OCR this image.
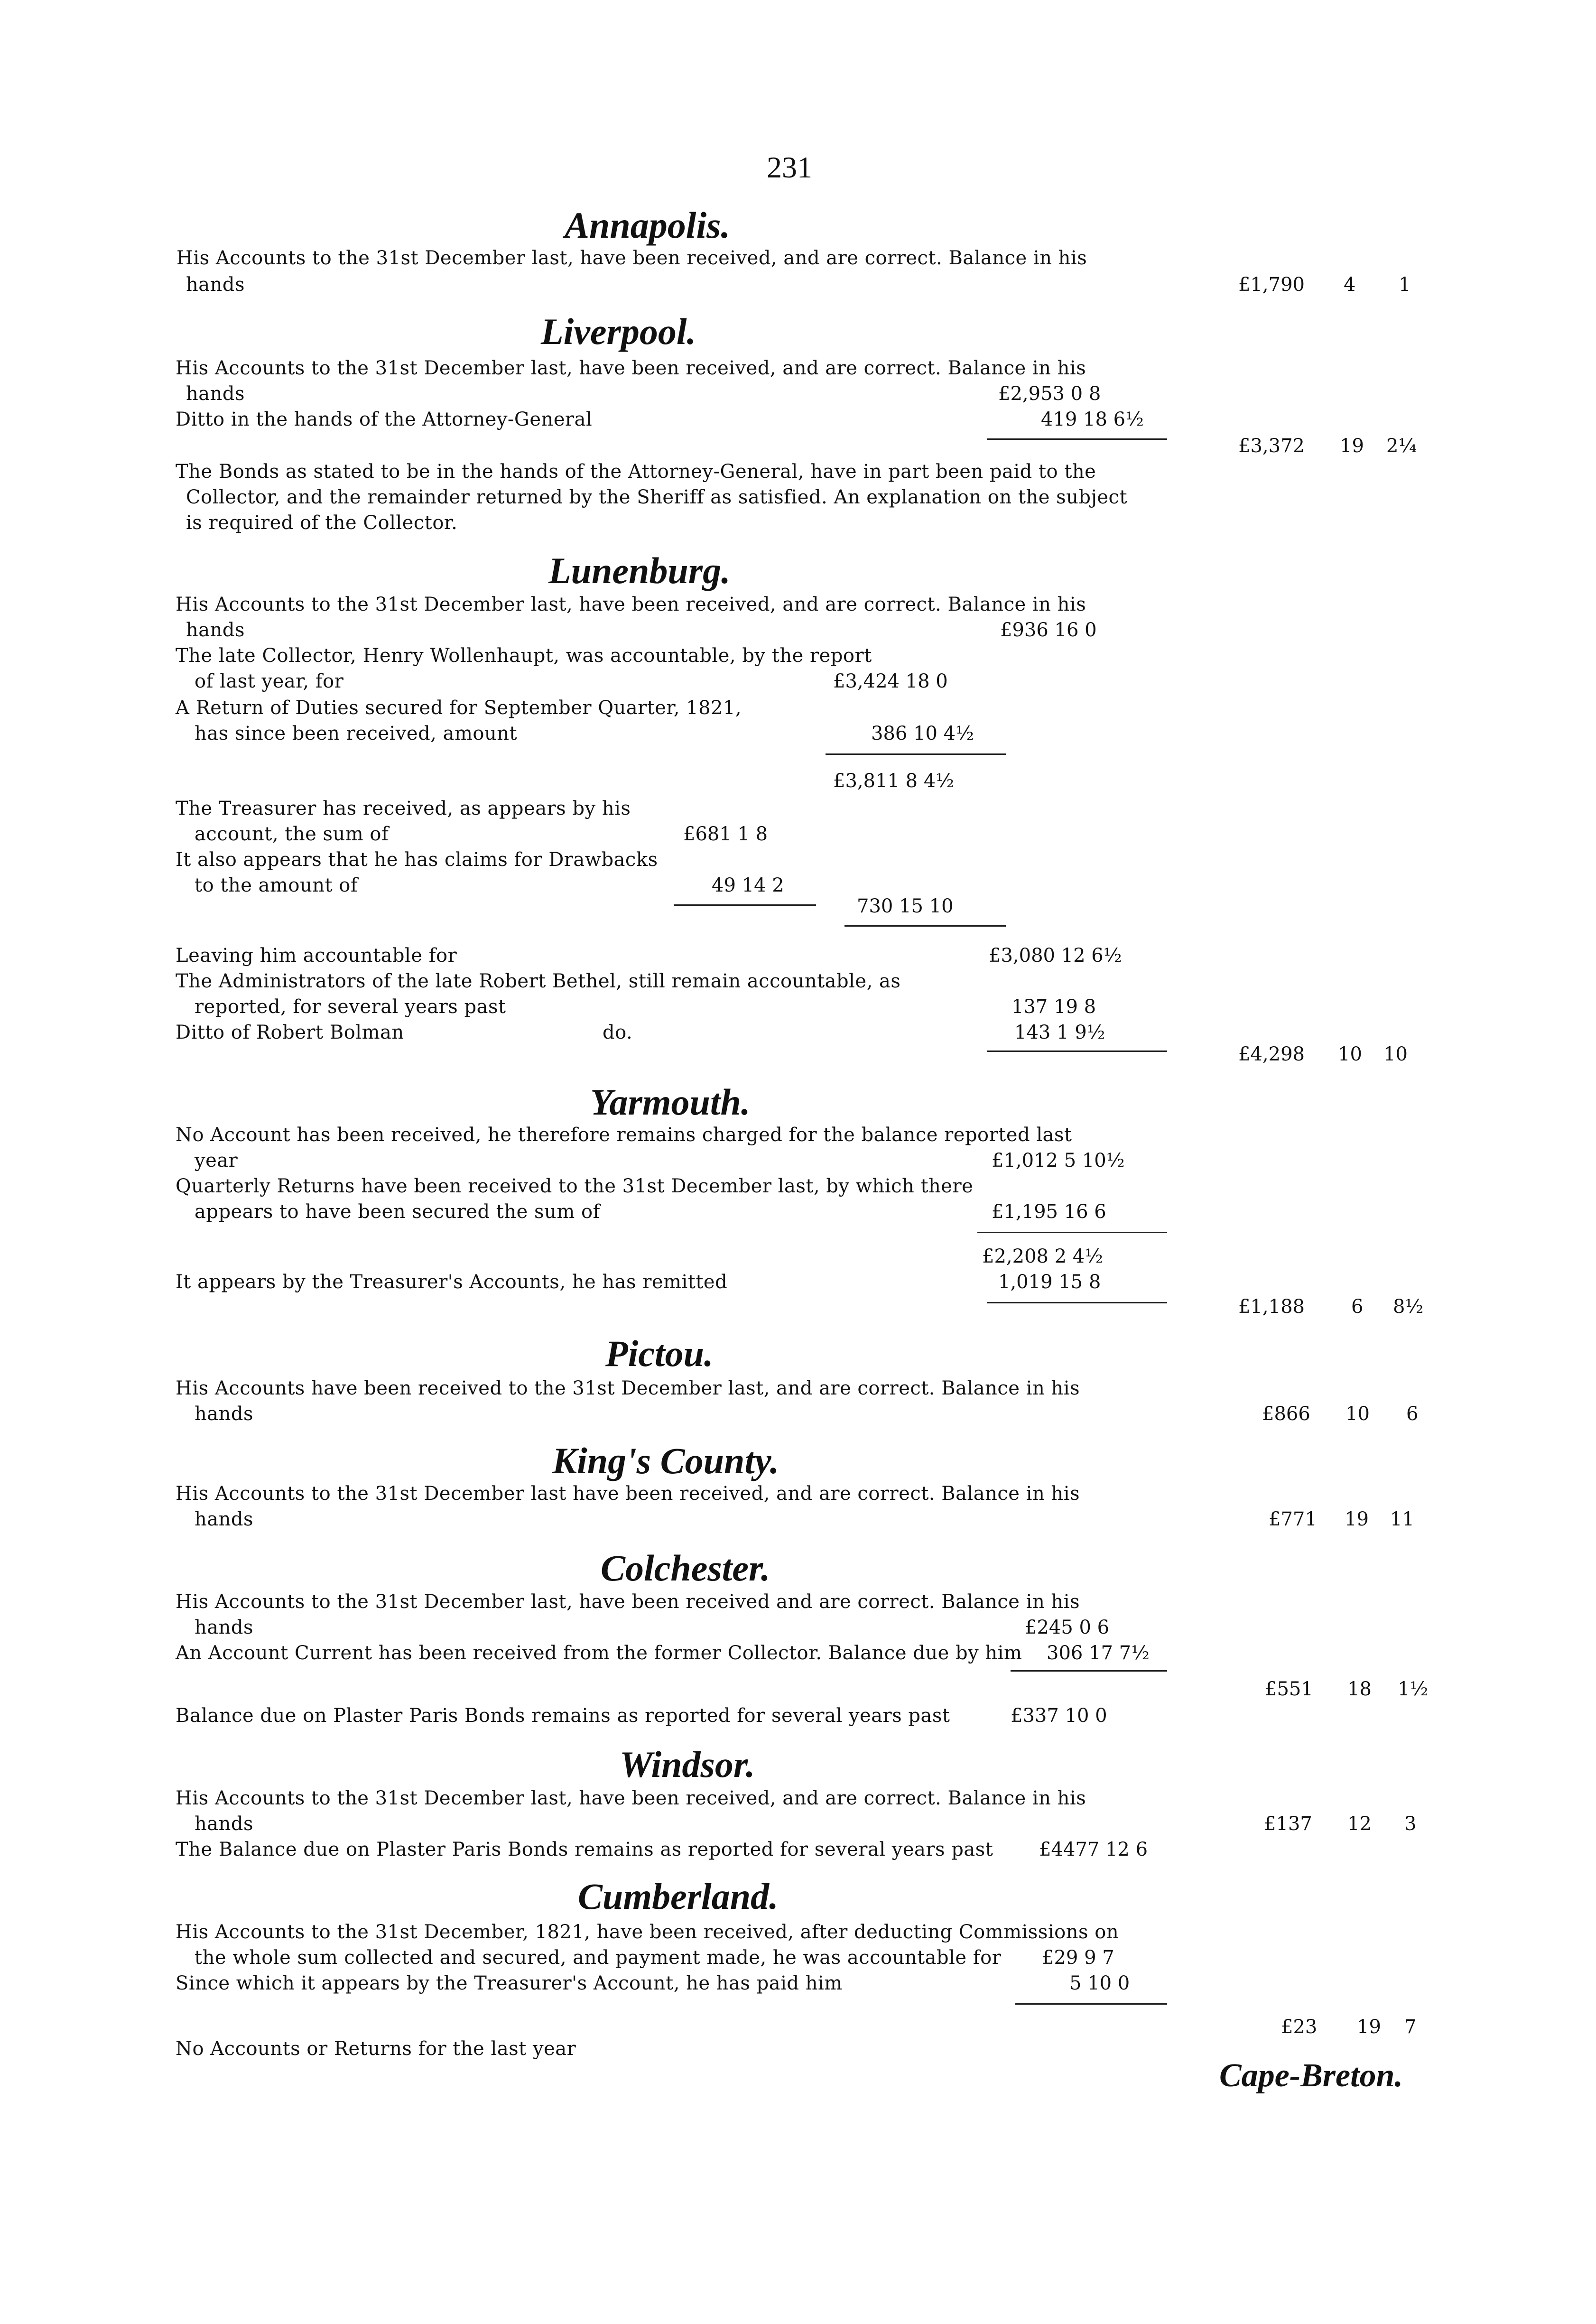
231
Annapolis.
His Accounts to the 31st December last, have been received, and are correct. Balance in his
hands	£1,790 4 1
Liverpool.
His Accounts to the 31st December last, have been received, and are correct. Balance in his
hands	£2,953 0 8
Ditto in the hands of the Attorney-General	419 18 6½
£3,372 19 2¼
The Bonds as stated to be in the hands of the Attorney-General, have in part been paid to the
Collector, and the remainder returned by the Sheriff as satisfied. An explanation on the subject
is required of the Collector.
Lunenburg.
His Accounts to the 31st December last, have been received, and are correct. Balance in his
hands	£936 16 0
The late Collector, Henry Wollenhaupt, was accountable, by the report
of last year, for	£3,424 18 0
A Return of Duties secured for September Quarter, 1821,
has since been received, amount	386 10 4½
£3,811 8 4½
The Treasurer has received, as appears by his
account, the sum of	£681 1 8
It also appears that he has claims for Drawbacks
to the amount of	49 14 2
730 15 10
Leaving him accountable for	£3,080 12 6½
The Administrators of the late Robert Bethel, still remain accountable, as
reported, for several years past	137 19 8
Ditto of Robert Bolman	do.	143 1 9½
£4,298 10 10
Yarmouth.
No Account has been received, he therefore remains charged for the balance reported last
year	£1,012 5 10½
Quarterly Returns have been received to the 31st December last, by which there
appears to have been secured the sum of	£1,195 16 6
£2,208 2 4½
It appears by the Treasurer's Accounts, he has remitted	1,019 15 8
£1,188 6 8½
Pictou.
His Accounts have been received to the 31st December last, and are correct. Balance in his
hands	£866 10 6
King's County.
His Accounts to the 31st December last have been received, and are correct. Balance in his
hands	£771 19 11
Colchester.
His Accounts to the 31st December last, have been received and are correct. Balance in his
hands	£245 0 6
An Account Current has been received from the former Collector. Balance due by him 306 17 7½
£551 18 1½
Balance due on Plaster Paris Bonds remains as reported for several years past	£337 10 0
Windsor.
His Accounts to the 31st December last, have been received, and are correct. Balance in his
hands	£137 12 3
The Balance due on Plaster Paris Bonds remains as reported for several years past £4477 12 6
Cumberland.
His Accounts to the 31st December, 1821, have been received, after deducting Commissions on
the whole sum collected and secured, and payment made, he was accountable for £29 9 7
Since which it appears by the Treasurer's Account, he has paid him	5 10 0
£23 19 7
No Accounts or Returns for the last year
Cape-Breton.
